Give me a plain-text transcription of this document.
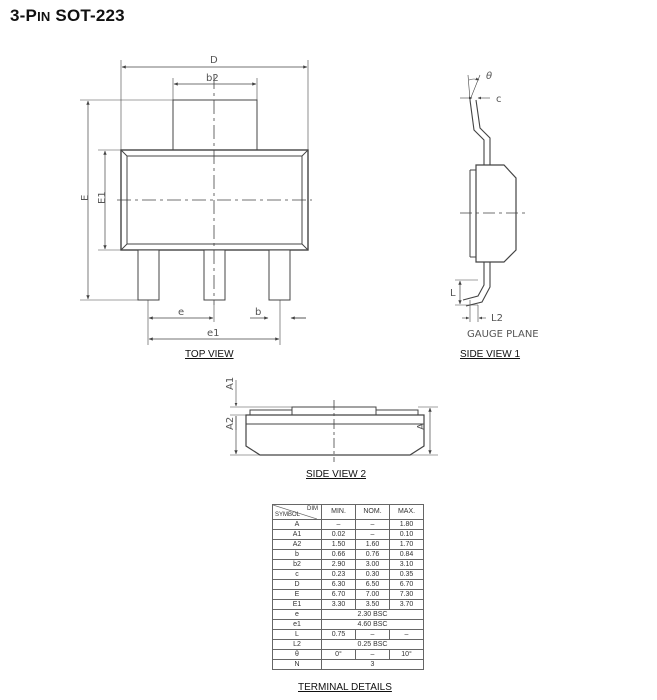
3-PIN SOT-223
D
b2
E E1
e	b
e1
TOP VIEW
θ
c
L
L2
GAUGE PLANE
SIDE VIEW 1
A1
A2	A
SIDE VIEW 2
TERMINAL DETAILS
DIM
SYMBOL	MIN.	NOM.	MAX.
A	–	–	1.80
A1	0.02	–	0.10
A2	1.50	1.60	1.70
b	0.66	0.76	0.84
b2	2.90	3.00	3.10
c	0.23	0.30	0.35
D	6.30	6.50	6.70
E	6.70	7.00	7.30
E1	3.30	3.50	3.70
e	2.30 BSC		
e1	4.60 BSC		
L	0.75	–	–
L2	0.25 BSC		
θ	0°	–	10°
N	3		
